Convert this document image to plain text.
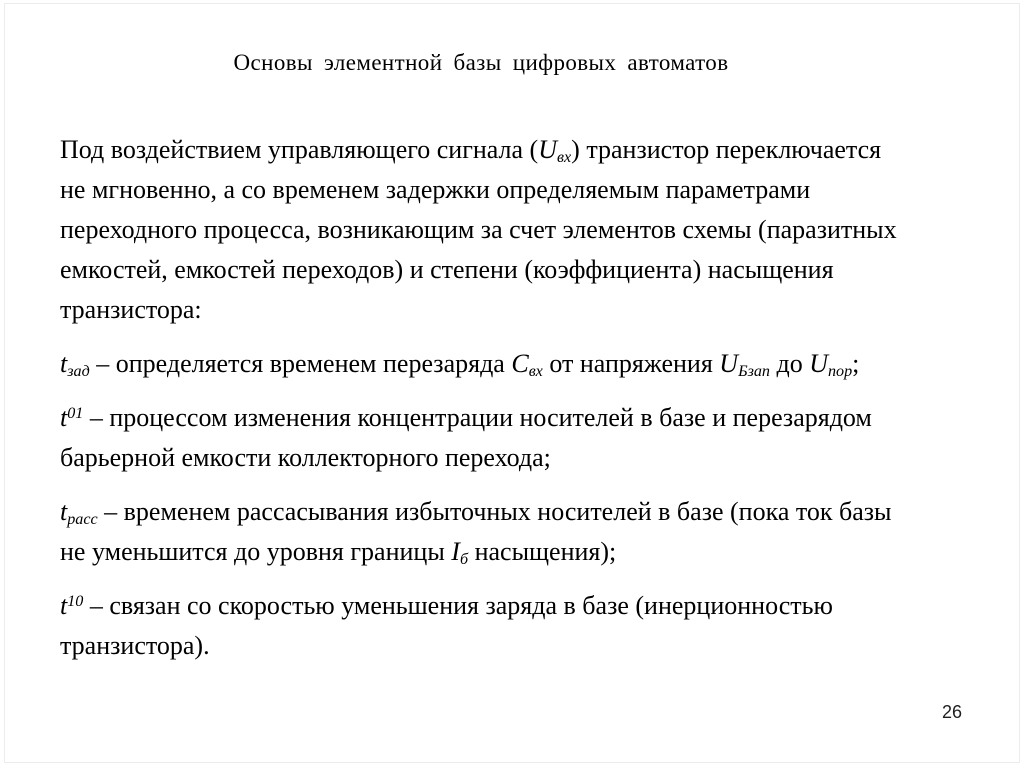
Основы элементной базы цифровых автоматов

Под воздействием управляющего сигнала $(U_{вх})$ транзистор переключается
не мгновенно, а со временем задержки определяемым параметрами
переходного процесса, возникающим за счет элементов схемы (паразитных
емкостей, емкостей переходов) и степени (коэффициента) насыщения
транзистора:

$t_{зад}$ – определяется временем перезаряда $C_{вх}$ от напряжения $U_{Бзап}$ до $U_{пор}$;

$t^{01}$ – процессом изменения концентрации носителей в базе и перезарядом
барьерной емкости коллекторного перехода;

$t_{расс}$ – временем рассасывания избыточных носителей в базе (пока ток базы
не уменьшится до уровня границы $I_б$ насыщения);

$t^{10}$ – связан со скоростью уменьшения заряда в базе (инерционностью
транзистора).

26
